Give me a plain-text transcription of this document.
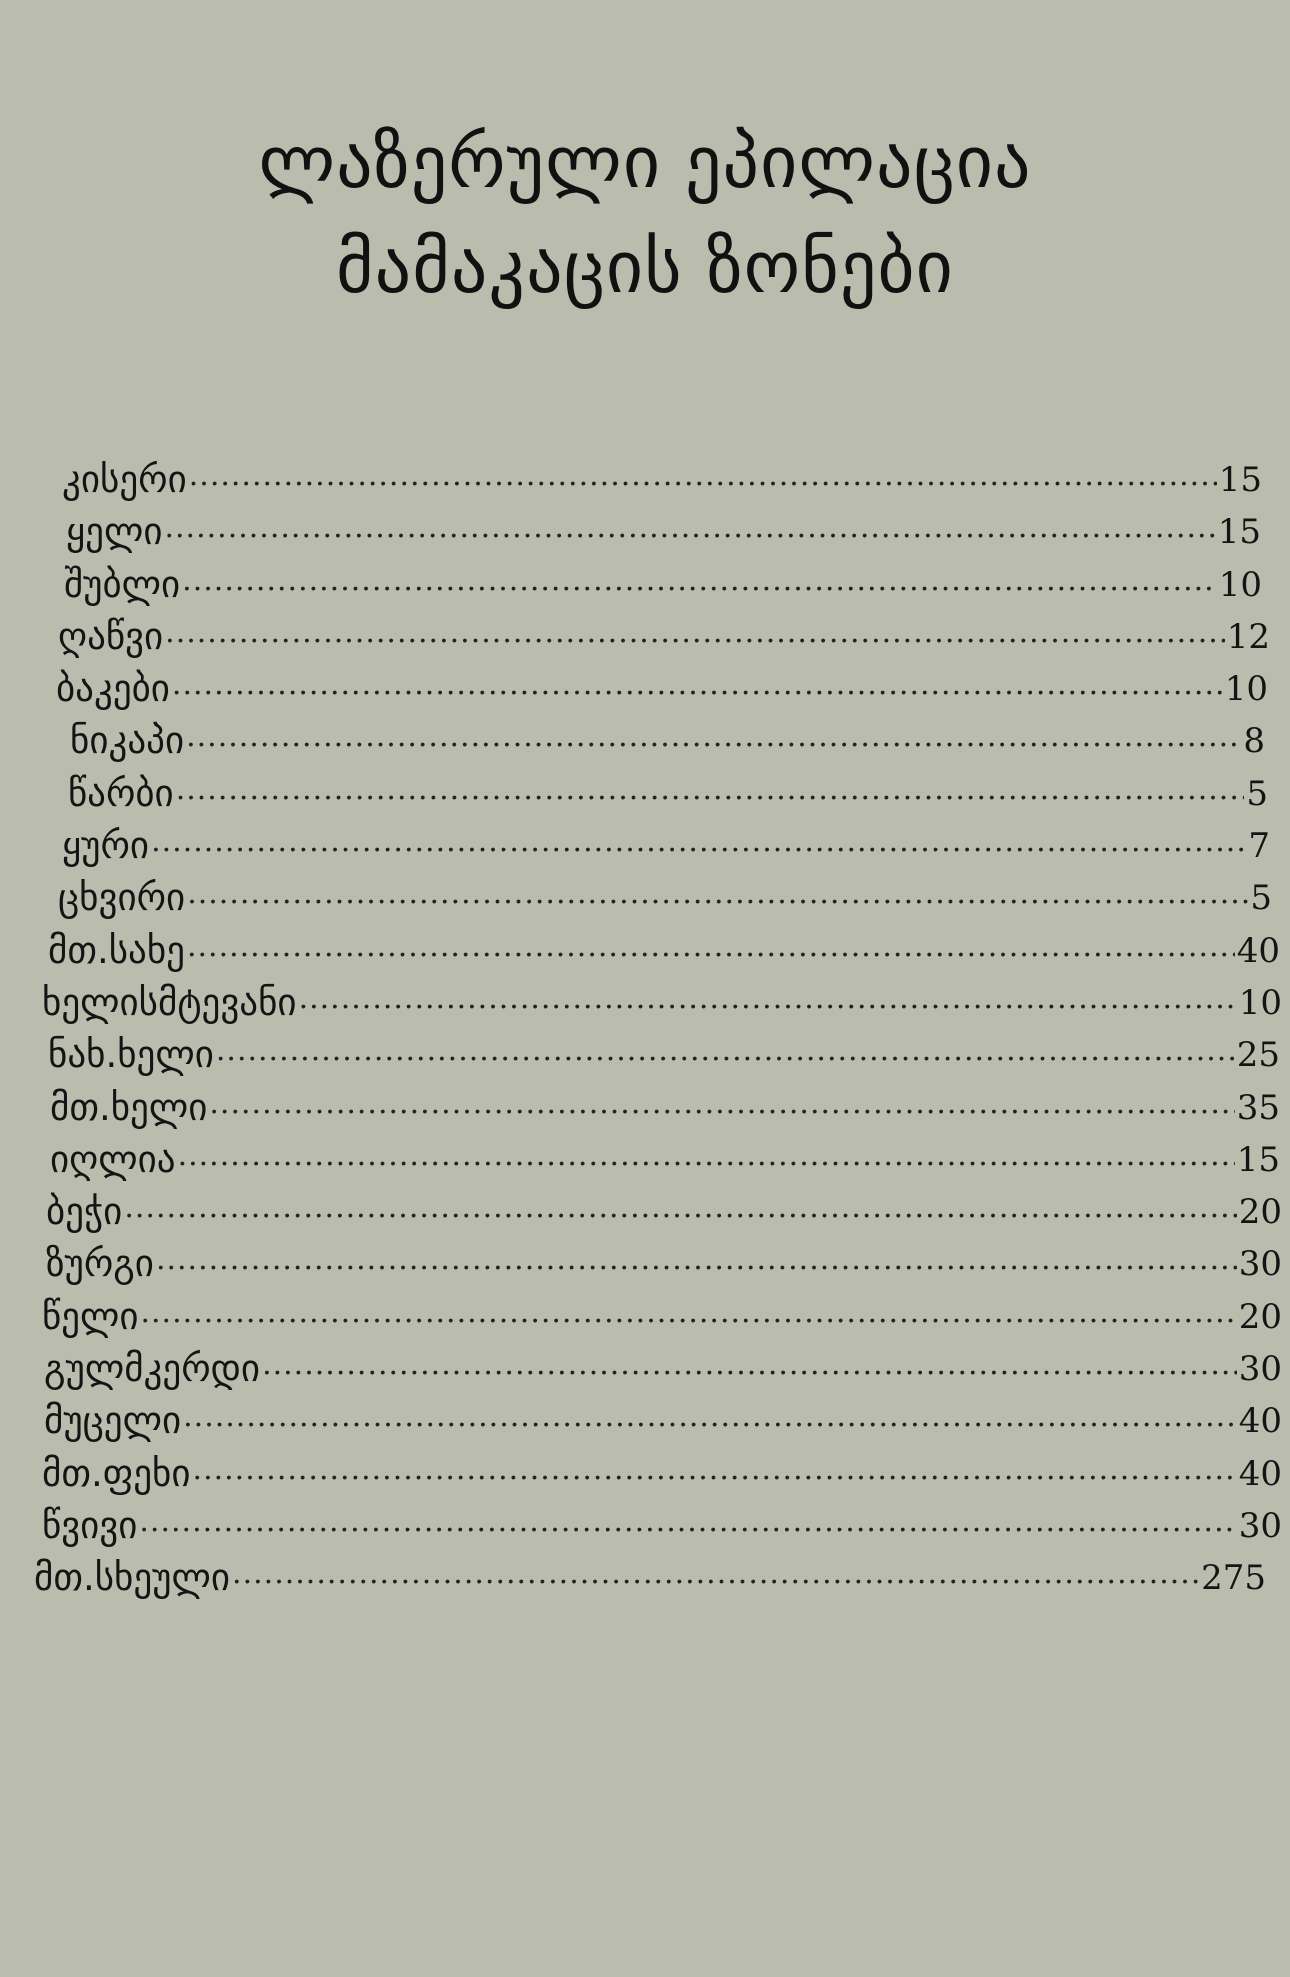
ლაზერული ეპილაცია
მამაკაცის ზონები
კისერი .....	15
ყელი .....	15
შუბლი .....	10
ღაწვი .....	12
ბაკები .....	10
ნიკაპი .....	8
წარბი .....	5
ყური .....	7
ცხვირი .....	5
მთ.სახე .....	40
ხელისმტევანი .....	10
ნახ.ხელი .....	25
მთ.ხელი .....	35
იღლია .....	15
ბეჭი .....	20
ზურგი .....	30
წელი .....	20
გულმკერდი .....	30
მუცელი .....	40
მთ.ფეხი .....	40
წვივი .....	30
მთ.სხეული .....	275
